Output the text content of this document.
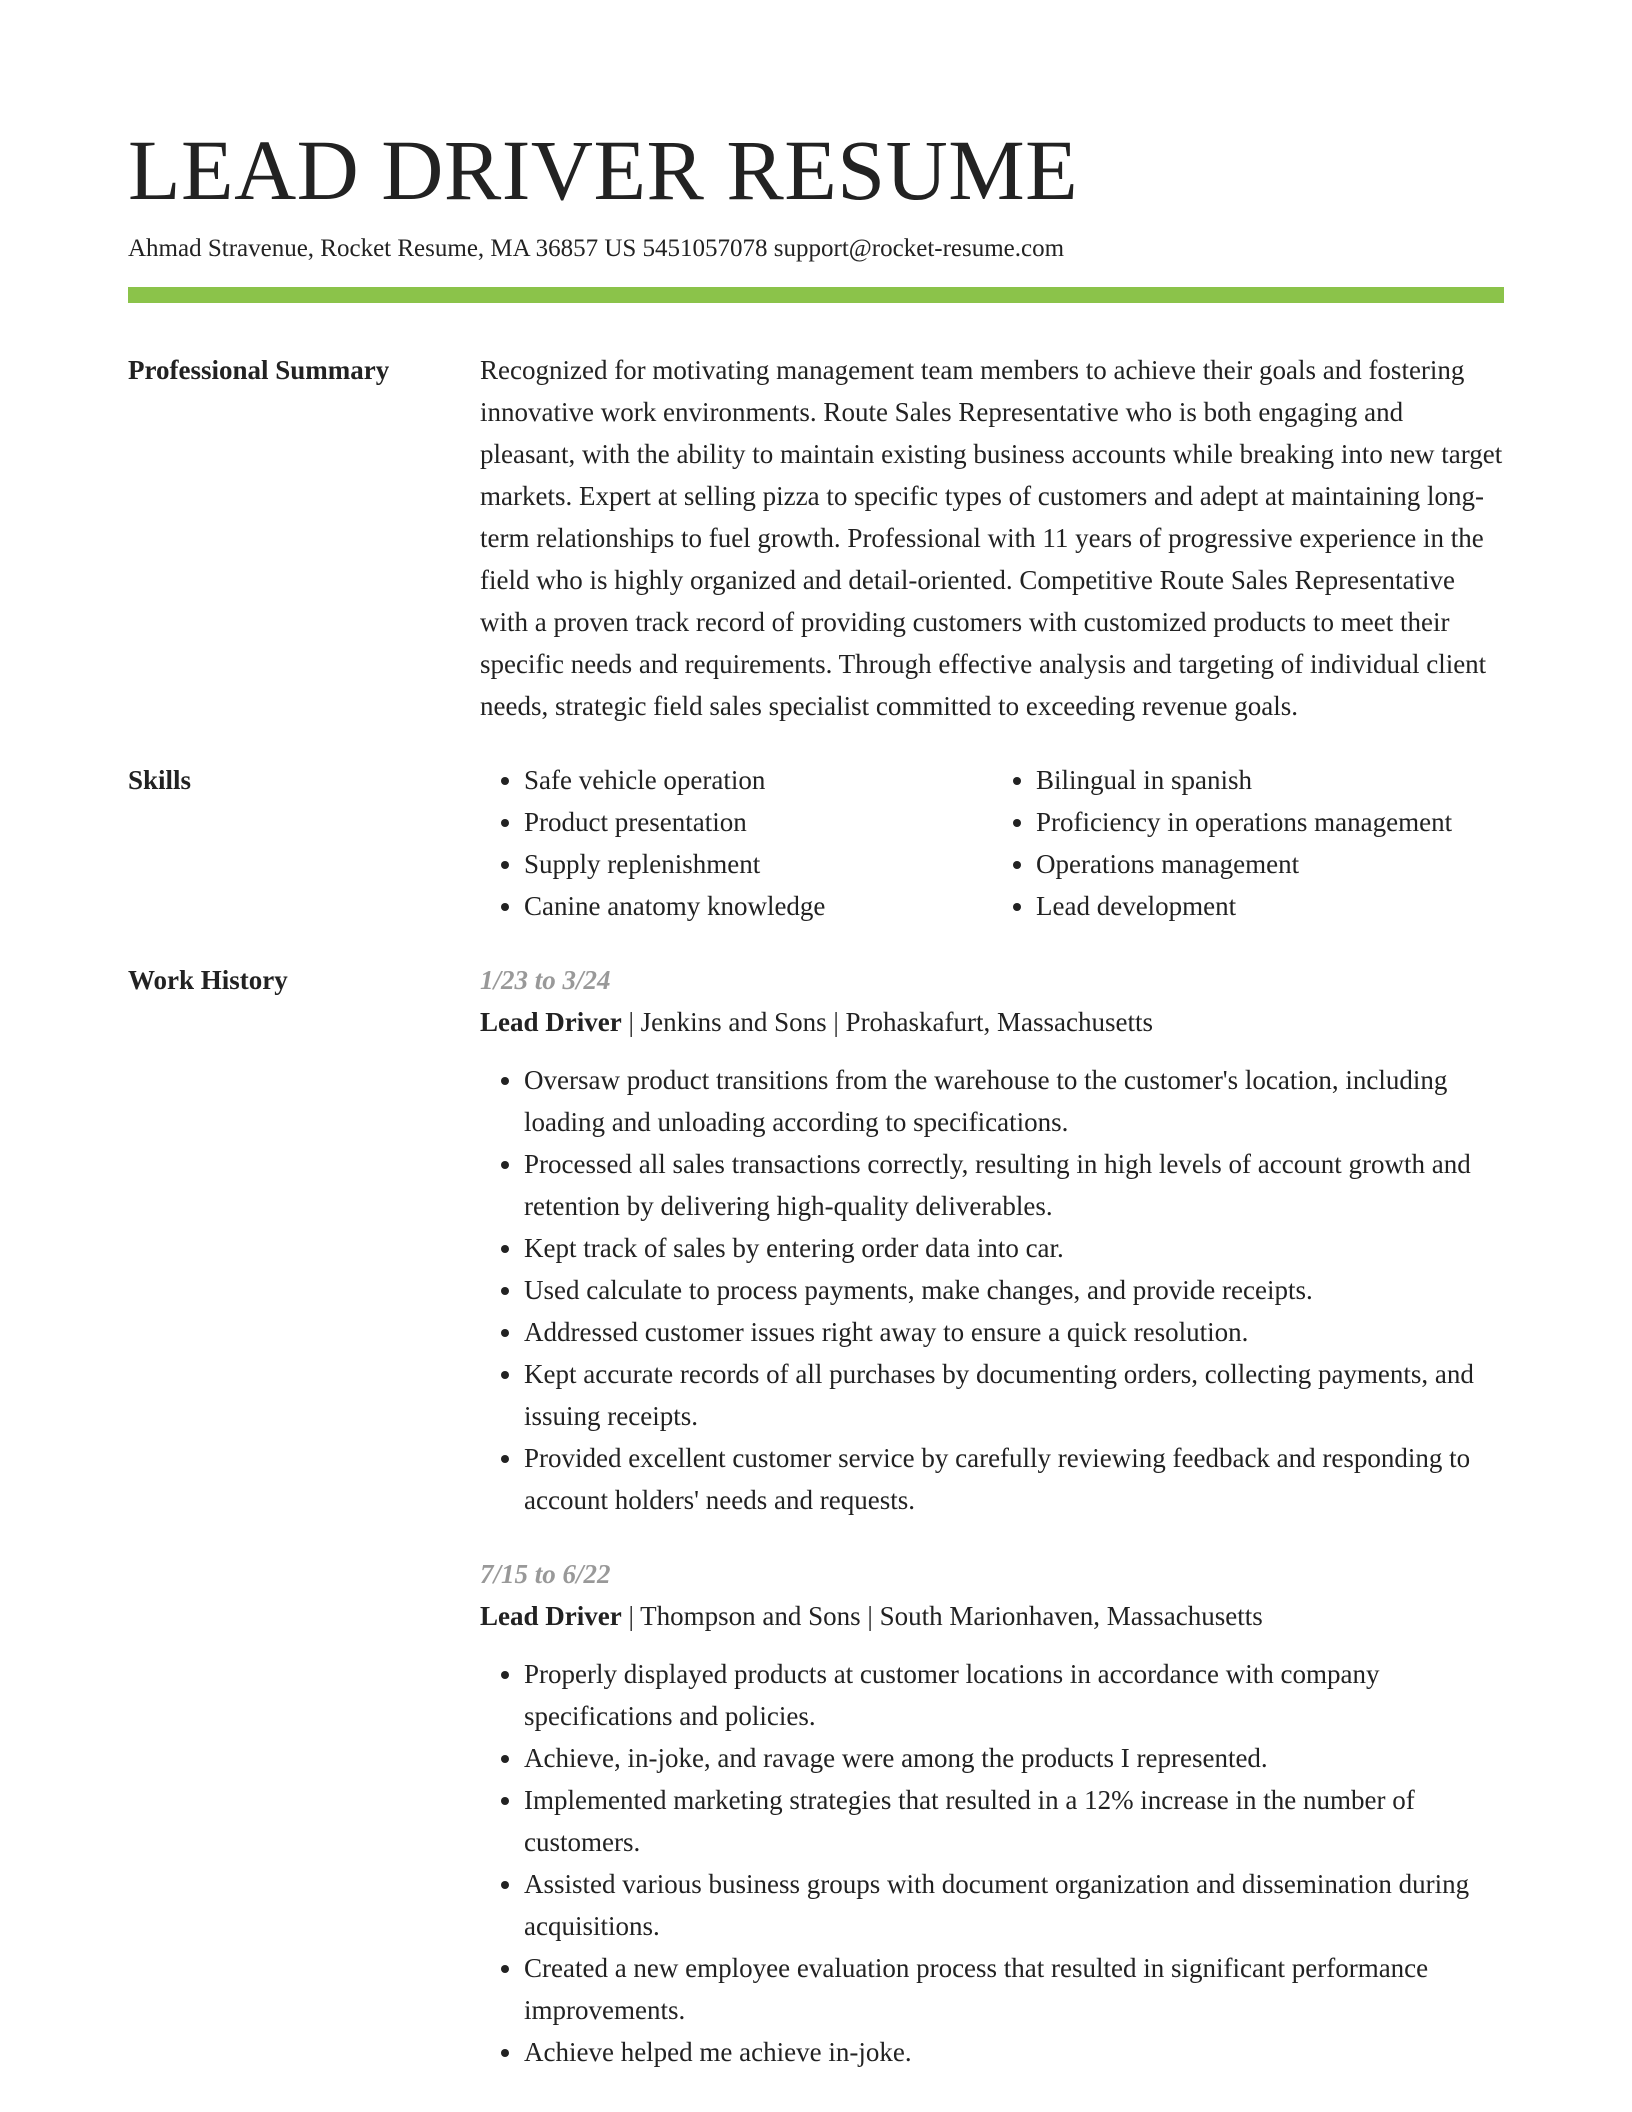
LEAD DRIVER RESUME
Ahmad Stravenue, Rocket Resume, MA 36857 US 5451057078 support@rocket-resume.com
Professional Summary	Recognized for motivating management team members to achieve their goals and fostering innovative work environments. Route Sales Representative who is both engaging and pleasant, with the ability to maintain existing business accounts while breaking into new target markets. Expert at selling pizza to specific types of customers and adept at maintaining long-term relationships to fuel growth. Professional with 11 years of progressive experience in the field who is highly organized and detail-oriented. Competitive Route Sales Representative with a proven track record of providing customers with customized products to meet their specific needs and requirements. Through effective analysis and targeting of individual client needs, strategic field sales specialist committed to exceeding revenue goals.

Skills
•	Safe vehicle operation
• Product presentation
• Supply replenishment
• Canine anatomy knowledge
• Bilingual in spanish
• Proficiency in operations management
• Operations management
• Lead development
Work History	1/23 to 3/24
Lead Driver | Jenkins and Sons | Prohaskafurt, Massachusetts
• Oversaw product transitions from the warehouse to the customer's location, including loading and unloading according to specifications.
• Processed all sales transactions correctly, resulting in high levels of account growth and retention by delivering high-quality deliverables.
• Kept track of sales by entering order data into car.
• Used calculate to process payments, make changes, and provide receipts.
• Addressed customer issues right away to ensure a quick resolution.
• Kept accurate records of all purchases by documenting orders, collecting payments, and issuing receipts.
• Provided excellent customer service by carefully reviewing feedback and responding to account holders' needs and requests.
7/15 to 6/22
Lead Driver | Thompson and Sons | South Marionhaven, Massachusetts
• Properly displayed products at customer locations in accordance with company specifications and policies.
• Achieve, in-joke, and ravage were among the products I represented.
• Implemented marketing strategies that resulted in a 12% increase in the number of customers.
• Assisted various business groups with document organization and dissemination during acquisitions.
• Created a new employee evaluation process that resulted in significant performance improvements.
• Achieve helped me achieve in-joke.
